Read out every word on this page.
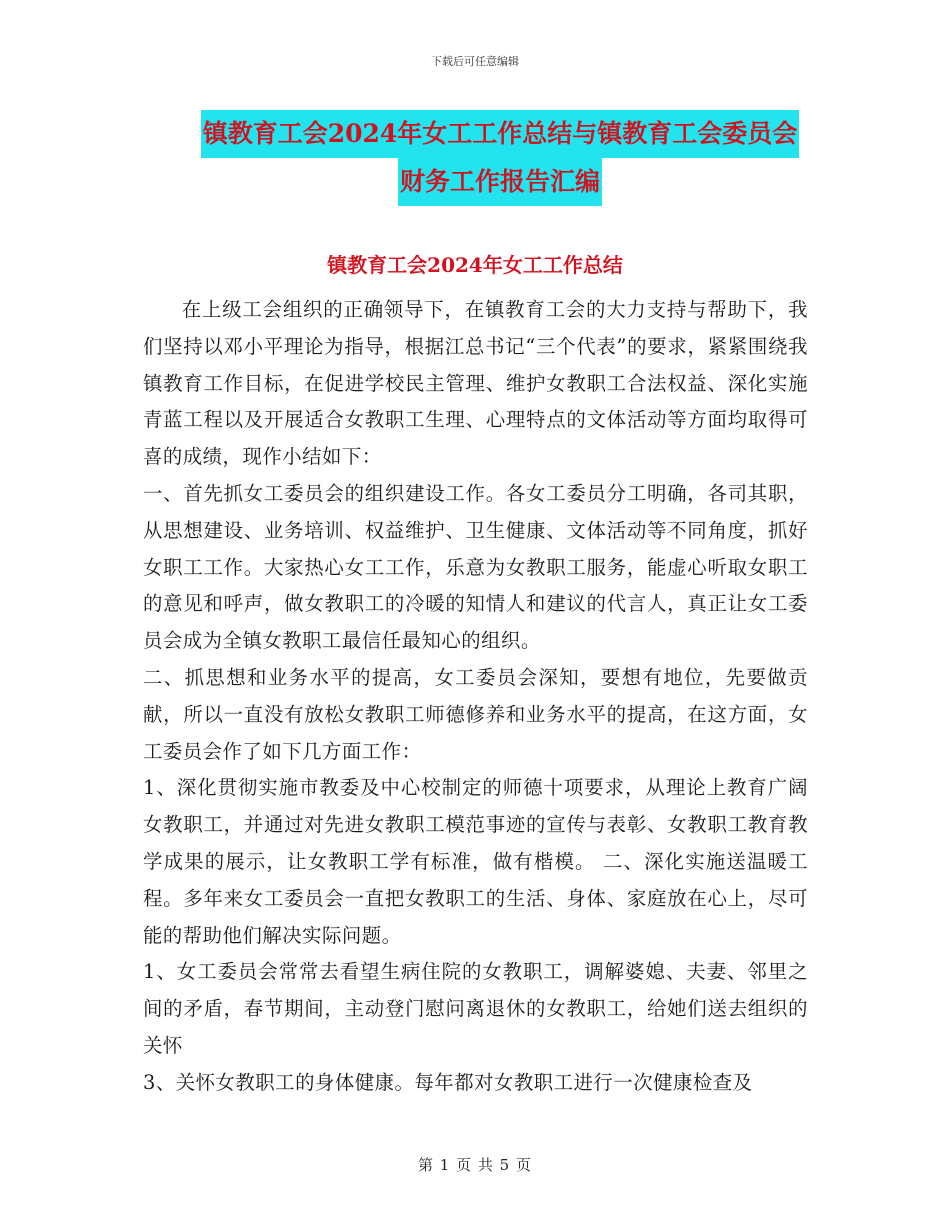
下载后可任意编辑
镇教育工会2024年女工工作总结与镇教育工会委员会
财务工作报告汇编
镇教育工会2024年女工工作总结

在上级工会组织的正确领导下，在镇教育工会的大力支持与帮助下，我们坚持以邓小平理论为指导，根据江总书记“三个代表”的要求，紧紧围绕我镇教育工作目标，在促进学校民主管理、维护女教职工合法权益、深化实施青蓝工程以及开展适合女教职工生理、心理特点的文体活动等方面均取得可喜的成绩，现作小结如下：

一、首先抓女工委员会的组织建设工作。各女工委员分工明确，各司其职，从思想建设、业务培训、权益维护、卫生健康、文体活动等不同角度，抓好女职工工作。大家热心女工工作，乐意为女教职工服务，能虚心听取女职工的意见和呼声，做女教职工的冷暖的知情人和建议的代言人，真正让女工委员会成为全镇女教职工最信任最知心的组织。

二、抓思想和业务水平的提高，女工委员会深知，要想有地位，先要做贡献，所以一直没有放松女教职工师德修养和业务水平的提高，在这方面，女工委员会作了如下几方面工作：

1、深化贯彻实施市教委及中心校制定的师德十项要求，从理论上教育广阔女教职工，并通过对先进女教职工模范事迹的宣传与表彰、女教职工教育教学成果的展示，让女教职工学有标准，做有楷模。 二、深化实施送温暖工程。多年来女工委员会一直把女教职工的生活、身体、家庭放在心上，尽可能的帮助他们解决实际问题。

1、女工委员会常常去看望生病住院的女教职工，调解婆媳、夫妻、邻里之间的矛盾，春节期间，主动登门慰问离退休的女教职工，给她们送去组织的关怀

3、关怀女教职工的身体健康。每年都对女教职工进行一次健康检查及

第 1 页 共 5 页
